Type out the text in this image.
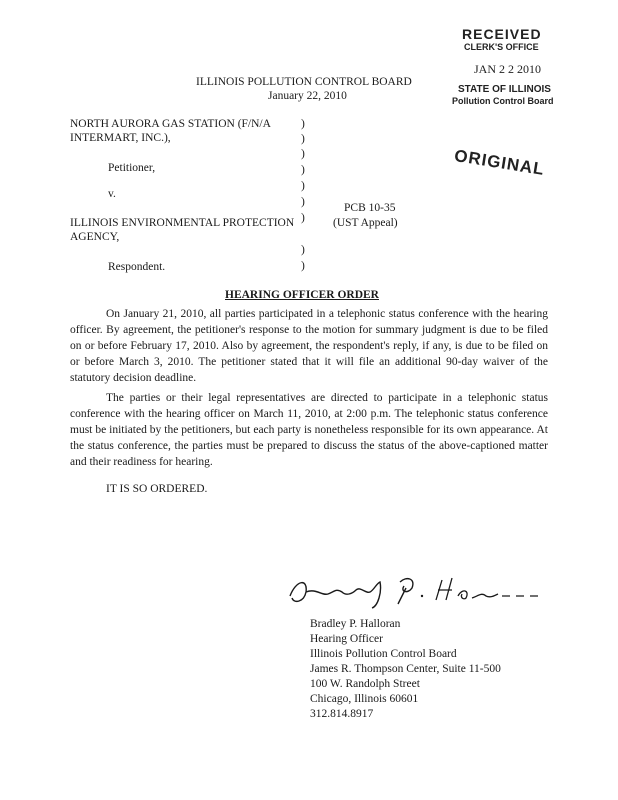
RECEIVED
CLERK'S OFFICE
JAN 2 2 2010
STATE OF ILLINOIS
Pollution Control Board
ORIGINAL
ILLINOIS POLLUTION CONTROL BOARD
January 22, 2010
NORTH AURORA GAS STATION (F/N/A
INTERMART, INC.),
Petitioner,
v.
ILLINOIS ENVIRONMENTAL PROTECTION
AGENCY,
Respondent.
)
)
)
)
)
)
)
)
)
PCB 10-35
(UST Appeal)
HEARING OFFICER ORDER
On January 21, 2010, all parties participated in a telephonic status conference with the hearing officer. By agreement, the petitioner's response to the motion for summary judgment is due to be filed on or before February 17, 2010. Also by agreement, the respondent's reply, if any, is due to be filed on or before March 3, 2010. The petitioner stated that it will file an additional 90-day waiver of the statutory decision deadline.
The parties or their legal representatives are directed to participate in a telephonic status conference with the hearing officer on March 11, 2010, at 2:00 p.m. The telephonic status conference must be initiated by the petitioners, but each party is nonetheless responsible for its own appearance. At the status conference, the parties must be prepared to discuss the status of the above-captioned matter and their readiness for hearing.
IT IS SO ORDERED.
Bradley P. Halloran
Hearing Officer
Illinois Pollution Control Board
James R. Thompson Center, Suite 11-500
100 W. Randolph Street
Chicago, Illinois 60601
312.814.8917
